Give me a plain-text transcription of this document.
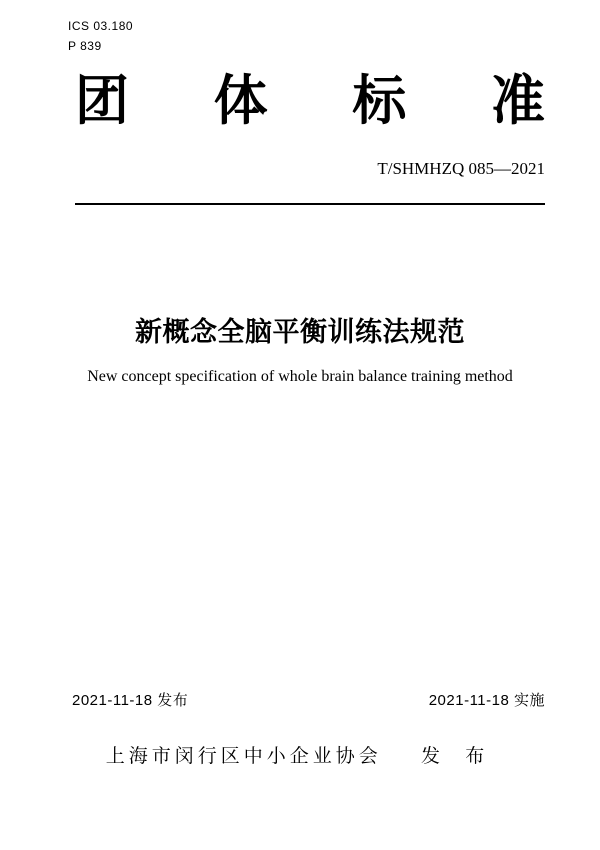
ICS 03.180
P 839
团 体 标 准
T/SHMHZQ 085—2021
新概念全脑平衡训练法规范
New concept specification of whole brain balance training method
2021-11-18 发布	2021-11-18 实施
上海市闵行区中小企业协会 发 布
